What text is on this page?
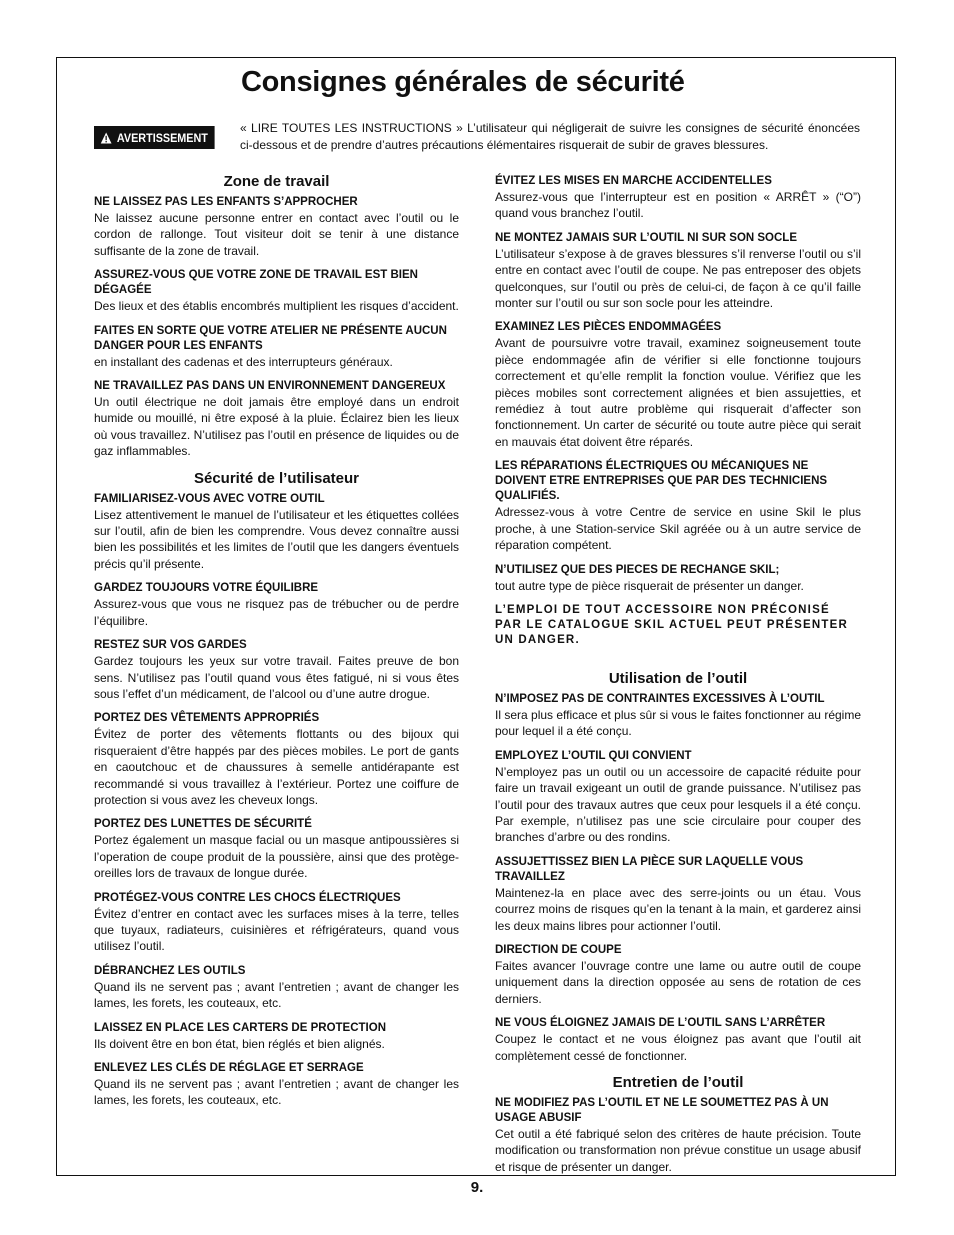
Consignes générales de sécurité
AVERTISSEMENT

« LIRE TOUTES LES INSTRUCTIONS » L’utilisateur qui négligerait de suivre les consignes de sécurité énoncées ci-dessous et de prendre d’autres précautions élémentaires risquerait de subir de graves blessures.

Zone de travail
NE LAISSEZ PAS LES ENFANTS S’APPROCHER

Ne laissez aucune personne entrer en contact avec l’outil ou le cordon de rallonge. Tout visiteur doit se tenir à une distance suffisante de la zone de travail.

ASSUREZ-VOUS QUE VOTRE ZONE DE TRAVAIL EST BIEN DÉGAGÉE

Des lieux et des établis encombrés multiplient les risques d’accident.

FAITES EN SORTE QUE VOTRE ATELIER NE PRÉSENTE AUCUN DANGER POUR LES ENFANTS

en installant des cadenas et des interrupteurs généraux.

NE TRAVAILLEZ PAS DANS UN ENVIRONNEMENT DANGEREUX

Un outil électrique ne doit jamais être employé dans un endroit humide ou mouillé, ni être exposé à la pluie. Éclairez bien les lieux où vous travaillez. N’utilisez pas l’outil en présence de liquides ou de gaz inflammables.

Sécurité de l’utilisateur
FAMILIARISEZ-VOUS AVEC VOTRE OUTIL

Lisez attentivement le manuel de l’utilisateur et les étiquettes collées sur l’outil, afin de bien les comprendre. Vous devez connaître aussi bien les possibilités et les limites de l’outil que les dangers éventuels précis qu’il présente.

GARDEZ TOUJOURS VOTRE ÉQUILIBRE

Assurez-vous que vous ne risquez pas de trébucher ou de perdre l’équilibre.

RESTEZ SUR VOS GARDES

Gardez toujours les yeux sur votre travail. Faites preuve de bon sens. N’utilisez pas l’outil quand vous êtes fatigué, ni si vous êtes sous l’effet d’un médicament, de l’alcool ou d’une autre drogue.

PORTEZ DES VÊTEMENTS APPROPRIÉS

Évitez de porter des vêtements flottants ou des bijoux qui risqueraient d’être happés par des pièces mobiles. Le port de gants en caoutchouc et de chaussures à semelle antidérapante est recommandé si vous travaillez à l’extérieur. Portez une coiffure de protection si vous avez les cheveux longs.

PORTEZ DES LUNETTES DE SÉCURITÉ

Portez également un masque facial ou un masque antipoussières si l’operation de coupe produit de la poussière, ainsi que des protège-oreilles lors de travaux de longue durée.

PROTÉGEZ-VOUS CONTRE LES CHOCS ÉLECTRIQUES

Évitez d’entrer en contact avec les surfaces mises à la terre, telles que tuyaux, radiateurs, cuisinières et réfrigérateurs, quand vous utilisez l’outil.

DÉBRANCHEZ LES OUTILS

Quand ils ne servent pas ; avant l’entretien ; avant de changer les lames, les forets, les couteaux, etc.

LAISSEZ EN PLACE LES CARTERS DE PROTECTION

Ils doivent être en bon état, bien réglés et bien alignés.

ENLEVEZ LES CLÉS DE RÉGLAGE ET SERRAGE

Quand ils ne servent pas ; avant l’entretien ; avant de changer les lames, les forets, les couteaux, etc.

ÉVITEZ LES MISES EN MARCHE ACCIDENTELLES

Assurez-vous que l’interrupteur est en position « ARRÊT » (“O”) quand vous branchez l’outil.

NE MONTEZ JAMAIS SUR L’OUTIL NI SUR SON SOCLE

L’utilisateur s’expose à de graves blessures s’il renverse l’outil ou s’il entre en contact avec l’outil de coupe. Ne pas entreposer des objets quelconques, sur l’outil ou près de celui-ci, de façon à ce qu’il faille monter sur l’outil ou sur son socle pour les atteindre.

EXAMINEZ LES PIÈCES ENDOMMAGÉES

Avant de poursuivre votre travail, examinez soigneusement toute pièce endommagée afin de vérifier si elle fonctionne toujours correctement et qu’elle remplit la fonction voulue. Vérifiez que les pièces mobiles sont correctement alignées et bien assujetties, et remédiez à tout autre problème qui risquerait d’affecter son fonctionnement. Un carter de sécurité ou toute autre pièce qui serait en mauvais état doivent être réparés.

LES RÉPARATIONS ÉLECTRIQUES OU MÉCANIQUES NE DOIVENT ETRE ENTREPRISES QUE PAR DES TECHNICIENS QUALIFIÉS.

Adressez-vous à votre Centre de service en usine Skil le plus proche, à une Station-service Skil agréée ou à un autre service de réparation compétent.

N’UTILISEZ QUE DES PIECES DE RECHANGE SKIL;

tout autre type de pièce risquerait de présenter un danger.

L’EMPLOI DE TOUT ACCESSOIRE NON PRÉCONISÉ PAR LE CATALOGUE SKIL ACTUEL PEUT PRÉSENTER UN DANGER.
Utilisation de l’outil
N’IMPOSEZ PAS DE CONTRAINTES EXCESSIVES À L’OUTIL

Il sera plus efficace et plus sûr si vous le faites fonctionner au régime pour lequel il a été conçu.

EMPLOYEZ L’OUTIL QUI CONVIENT

N’employez pas un outil ou un accessoire de capacité réduite pour faire un travail exigeant un outil de grande puissance. N’utilisez pas l’outil pour des travaux autres que ceux pour lesquels il a été conçu. Par exemple, n’utilisez pas une scie circulaire pour couper des branches d’arbre ou des rondins.

ASSUJETTISSEZ BIEN LA PIÈCE SUR LAQUELLE VOUS TRAVAILLEZ

Maintenez-la en place avec des serre-joints ou un étau. Vous courrez moins de risques qu’en la tenant à la main, et garderez ainsi les deux mains libres pour actionner l’outil.

DIRECTION DE COUPE

Faites avancer l’ouvrage contre une lame ou autre outil de coupe uniquement dans la direction opposée au sens de rotation de ces derniers.

NE VOUS ÉLOIGNEZ JAMAIS DE L’OUTIL SANS L’ARRÊTER

Coupez le contact et ne vous éloignez pas avant que l’outil ait complètement cessé de fonctionner.

Entretien de l’outil
NE MODIFIEZ PAS L’OUTIL ET NE LE SOUMETTEZ PAS À UN USAGE ABUSIF

Cet outil a été fabriqué selon des critères de haute précision. Toute modification ou transformation non prévue constitue un usage abusif et risque de présenter un danger.

9.
